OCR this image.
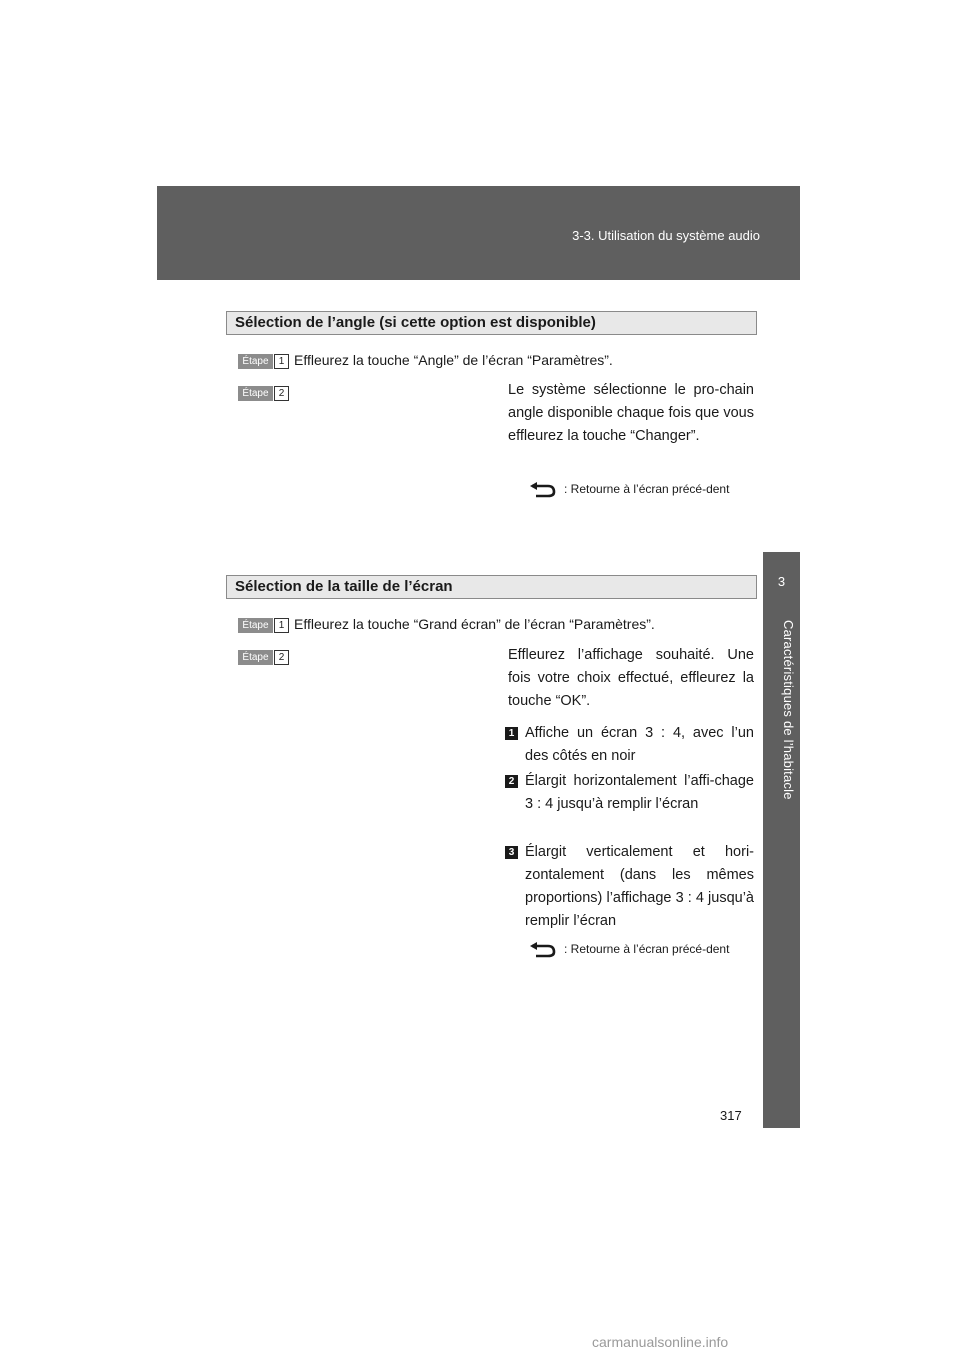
3-3. Utilisation du système audio
3
Caractéristiques de l’habitacle
Sélection de l’angle (si cette option est disponible)
Étape	1 Effleurez la touche “Angle” de l’écran “Paramètres”.
Étape	2	Le système sélectionne le pro-chain angle disponible chaque fois que vous effleurez la touche “Changer”.
: Retourne à l’écran précé-dent
Sélection de la taille de l’écran
Étape	1 Effleurez la touche “Grand écran” de l’écran “Paramètres”.
Étape	2	Effleurez l’affichage souhaité. Une fois votre choix effectué, effleurez la touche “OK”.
1 Affiche un écran 3 : 4, avec l’un des côtés en noir
2 Élargit horizontalement l’affi-chage 3 : 4 jusqu’à remplir l’écran
3 Élargit verticalement et hori-zontalement (dans les mêmes proportions) l’affichage 3 : 4 jusqu’à remplir l’écran
: Retourne à l’écran précé-dent
317
carmanualsonline.info
